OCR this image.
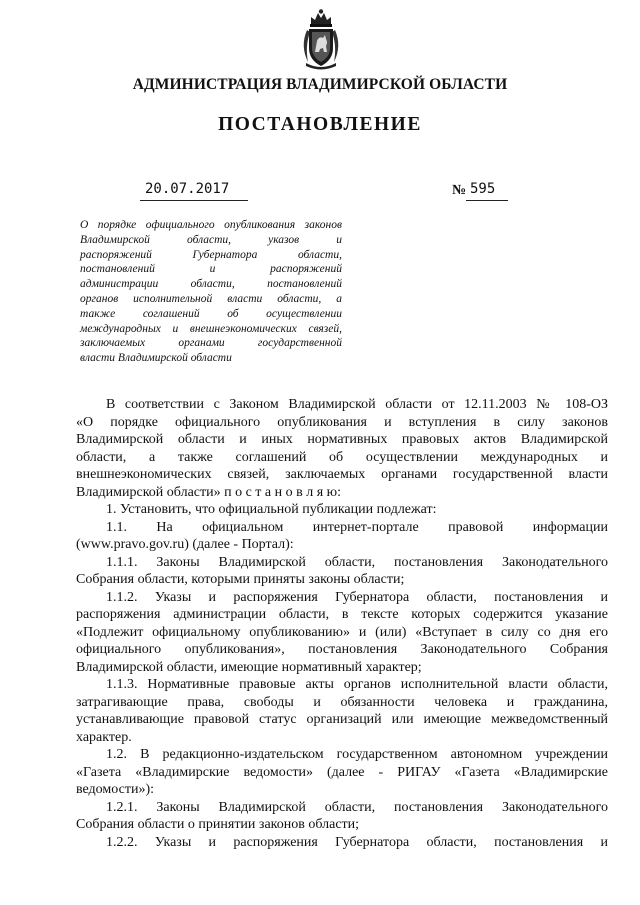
АДМИНИСТРАЦИЯ ВЛАДИМИРСКОЙ ОБЛАСТИ
ПОСТАНОВЛЕНИЕ
20.07.2017	№ 595
О порядке официального опубликования законов
Владимирской области, указов и
распоряжений Губернатора области,
постановлений и распоряжений
администрации области, постановлений
органов исполнительной власти области, а
также соглашений об осуществлении
международных и внешнеэкономических связей,
заключаемых органами государственной
власти Владимирской области
В соответствии с Законом Владимирской области от 12.11.2003 № 108-ОЗ
«О порядке официального опубликования и вступления в силу законов
Владимирской области и иных нормативных правовых актов Владимирской
области, а также соглашений об осуществлении международных и
внешнеэкономических связей, заключаемых органами государственной власти
Владимирской области» п о с т а н о в л я ю:
1. Установить, что официальной публикации подлежат:
1.1. На официальном интернет-портале правовой информации
(www.pravo.gov.ru) (далее - Портал):
1.1.1. Законы Владимирской области, постановления Законодательного
Собрания области, которыми приняты законы области;
1.1.2. Указы и распоряжения Губернатора области, постановления и
распоряжения администрации области, в тексте которых содержится указание
«Подлежит официальному опубликованию» и (или) «Вступает в силу со дня его
официального опубликования», постановления Законодательного Собрания
Владимирской области, имеющие нормативный характер;
1.1.3. Нормативные правовые акты органов исполнительной власти области,
затрагивающие права, свободы и обязанности человека и гражданина,
устанавливающие правовой статус организаций или имеющие межведомственный
характер.
1.2. В редакционно-издательском государственном автономном учреждении
«Газета «Владимирские ведомости» (далее - РИГАУ «Газета «Владимирские
ведомости»):
1.2.1. Законы Владимирской области, постановления Законодательного
Собрания области о принятии законов области;
1.2.2. Указы и распоряжения Губернатора области, постановления и
